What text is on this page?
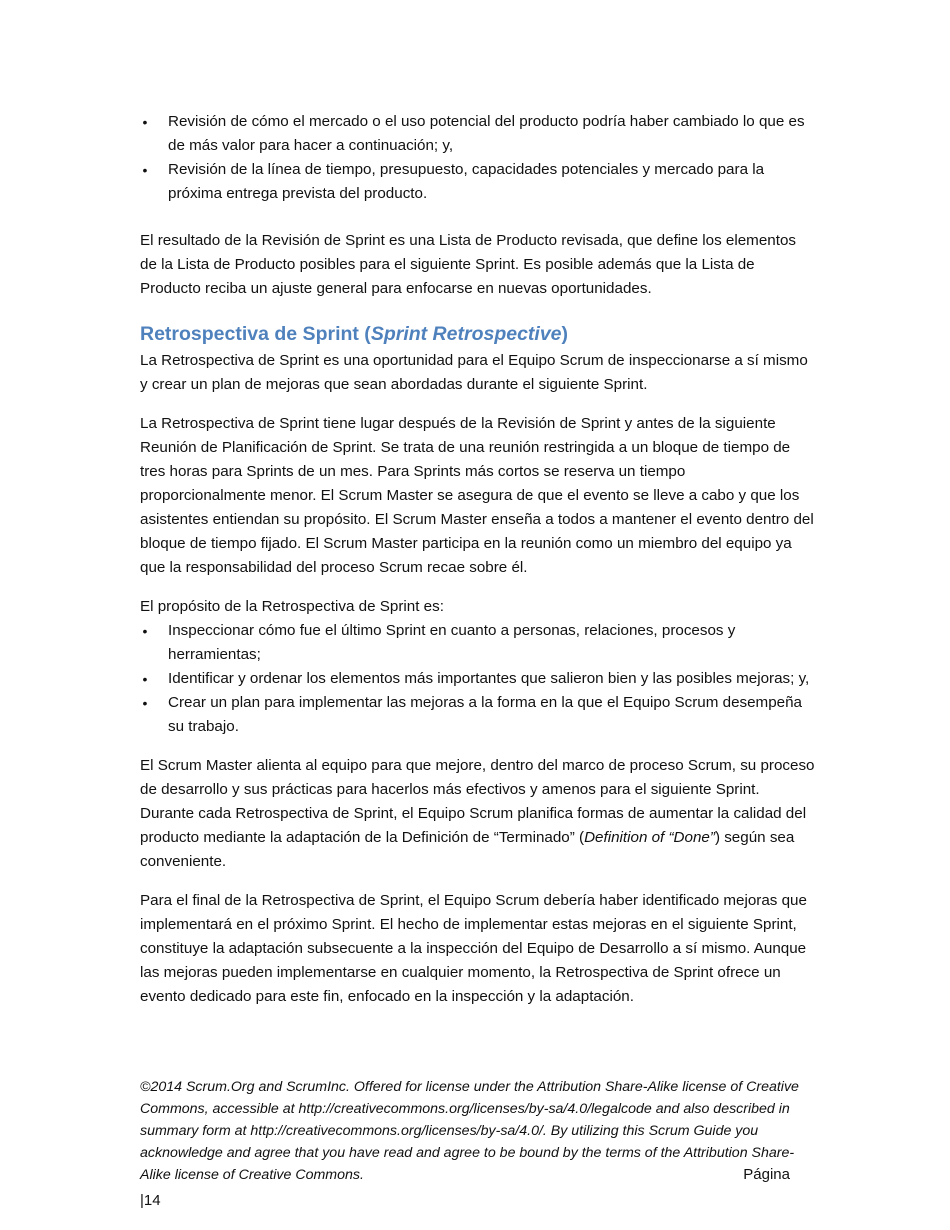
• Revisión de cómo el mercado o el uso potencial del producto podría haber cambiado lo que es de más valor para hacer a continuación; y,
• Revisión de la línea de tiempo, presupuesto, capacidades potenciales y mercado para la próxima entrega prevista del producto.

El resultado de la Revisión de Sprint es una Lista de Producto revisada, que define los elementos de la Lista de Producto posibles para el siguiente Sprint. Es posible además que la Lista de Producto reciba un ajuste general para enfocarse en nuevas oportunidades.

Retrospectiva de Sprint (Sprint Retrospective)

La Retrospectiva de Sprint es una oportunidad para el Equipo Scrum de inspeccionarse a sí mismo y crear un plan de mejoras que sean abordadas durante el siguiente Sprint.

La Retrospectiva de Sprint tiene lugar después de la Revisión de Sprint y antes de la siguiente Reunión de Planificación de Sprint. Se trata de una reunión restringida a un bloque de tiempo de tres horas para Sprints de un mes. Para Sprints más cortos se reserva un tiempo proporcionalmente menor. El Scrum Master se asegura de que el evento se lleve a cabo y que los asistentes entiendan su propósito. El Scrum Master enseña a todos a mantener el evento dentro del bloque de tiempo fijado. El Scrum Master participa en la reunión como un miembro del equipo ya que la responsabilidad del proceso Scrum recae sobre él.

El propósito de la Retrospectiva de Sprint es:

• Inspeccionar cómo fue el último Sprint en cuanto a personas, relaciones, procesos y herramientas;
• Identificar y ordenar los elementos más importantes que salieron bien y las posibles mejoras; y,
• Crear un plan para implementar las mejoras a la forma en la que el Equipo Scrum desempeña su trabajo.

El Scrum Master alienta al equipo para que mejore, dentro del marco de proceso Scrum, su proceso de desarrollo y sus prácticas para hacerlos más efectivos y amenos para el siguiente Sprint. Durante cada Retrospectiva de Sprint, el Equipo Scrum planifica formas de aumentar la calidad del producto mediante la adaptación de la Definición de “Terminado” (Definition of “Done”) según sea conveniente.

Para el final de la Retrospectiva de Sprint, el Equipo Scrum debería haber identificado mejoras que implementará en el próximo Sprint. El hecho de implementar estas mejoras en el siguiente Sprint, constituye la adaptación subsecuente a la inspección del Equipo de Desarrollo a sí mismo. Aunque las mejoras pueden implementarse en cualquier momento, la Retrospectiva de Sprint ofrece un evento dedicado para este fin, enfocado en la inspección y la adaptación.

©2014 Scrum.Org and ScrumInc. Offered for license under the Attribution Share-Alike license of Creative Commons, accessible at http://creativecommons.org/licenses/by-sa/4.0/legalcode and also described in summary form at http://creativecommons.org/licenses/by-sa/4.0/. By utilizing this Scrum Guide you acknowledge and agree that you have read and agree to be bound by the terms of the Attribution Share-Alike license of Creative Commons.	Página
|14
